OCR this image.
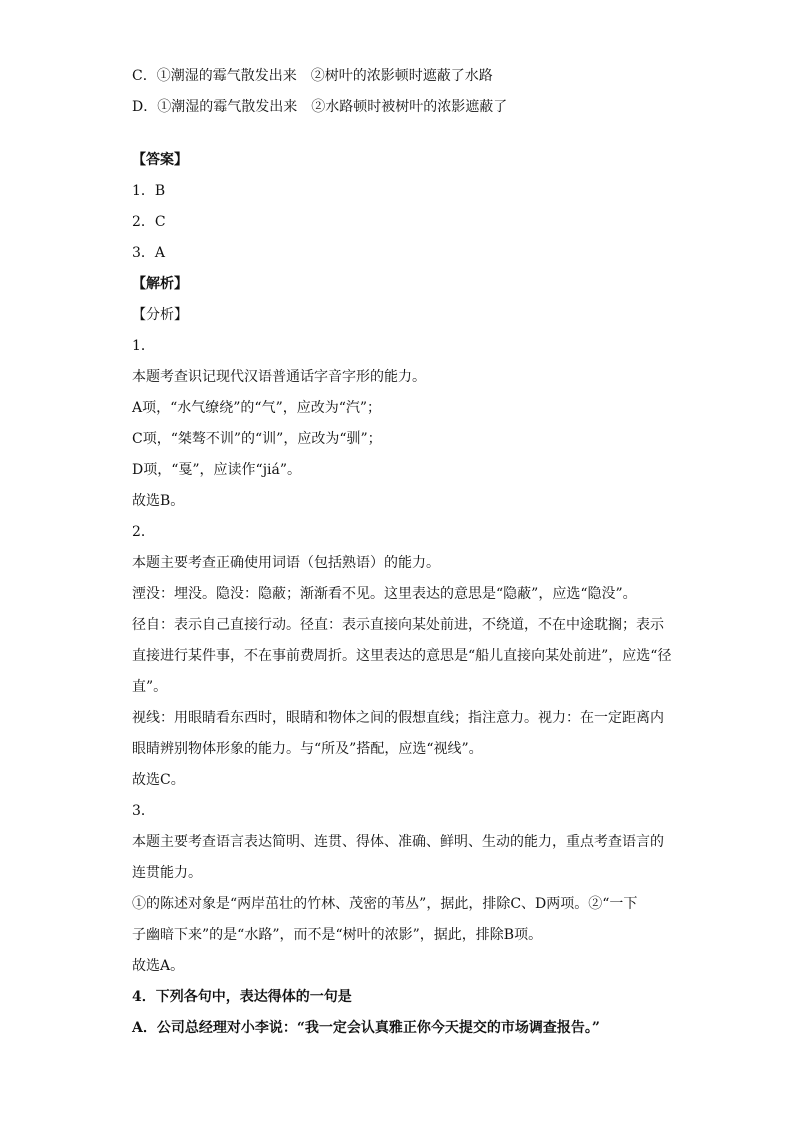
C．①潮湿的霉气散发出来　②树叶的浓影顿时遮蔽了水路
D．①潮湿的霉气散发出来　②水路顿时被树叶的浓影遮蔽了
【答案】
1．B
2．C
3．A
【解析】
【分析】
1．
本题考查识记现代汉语普通话字音字形的能力。
A项，“水气缭绕”的“气”，应改为“汽”；
C项，“桀骜不训”的“训”，应改为“驯”；
D项，“戛”，应读作“jiá”。
故选B。
2．
本题主要考查正确使用词语（包括熟语）的能力。
湮没：埋没。隐没：隐蔽；渐渐看不见。这里表达的意思是“隐蔽”，应选“隐没”。
径自：表示自己直接行动。径直：表示直接向某处前进，不绕道，不在中途耽搁；表示
直接进行某件事，不在事前费周折。这里表达的意思是“船儿直接向某处前进”，应选“径
直”。
视线：用眼睛看东西时，眼睛和物体之间的假想直线；指注意力。视力：在一定距离内
眼睛辨别物体形象的能力。与“所及”搭配，应选“视线”。
故选C。
3．
本题主要考查语言表达简明、连贯、得体、准确、鲜明、生动的能力，重点考查语言的
连贯能力。
①的陈述对象是“两岸茁壮的竹林、茂密的苇丛”，据此，排除C、D两项。②“一下
子幽暗下来”的是“水路”，而不是“树叶的浓影”，据此，排除B项。
故选A。
4．下列各句中，表达得体的一句是
A．公司总经理对小李说：“我一定会认真雅正你今天提交的市场调查报告。”
